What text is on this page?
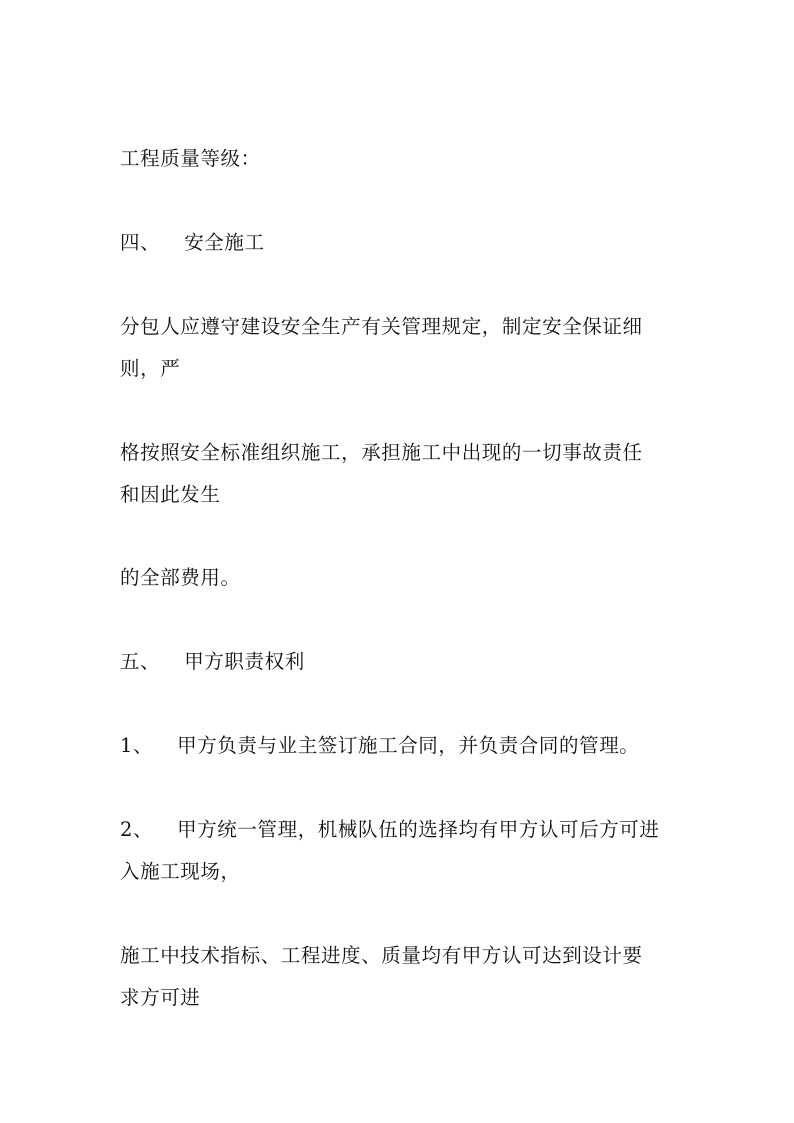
工程质量等级：

四、 安全施工

分包人应遵守建设安全生产有关管理规定，制定安全保证细
则，严

格按照安全标准组织施工，承担施工中出现的一切事故责任
和因此发生

的全部费用。

五、 甲方职责权利

1、 甲方负责与业主签订施工合同，并负责合同的管理。

2、 甲方统一管理，机械队伍的选择均有甲方认可后方可进
入施工现场，

施工中技术指标、工程进度、质量均有甲方认可达到设计要
求方可进
